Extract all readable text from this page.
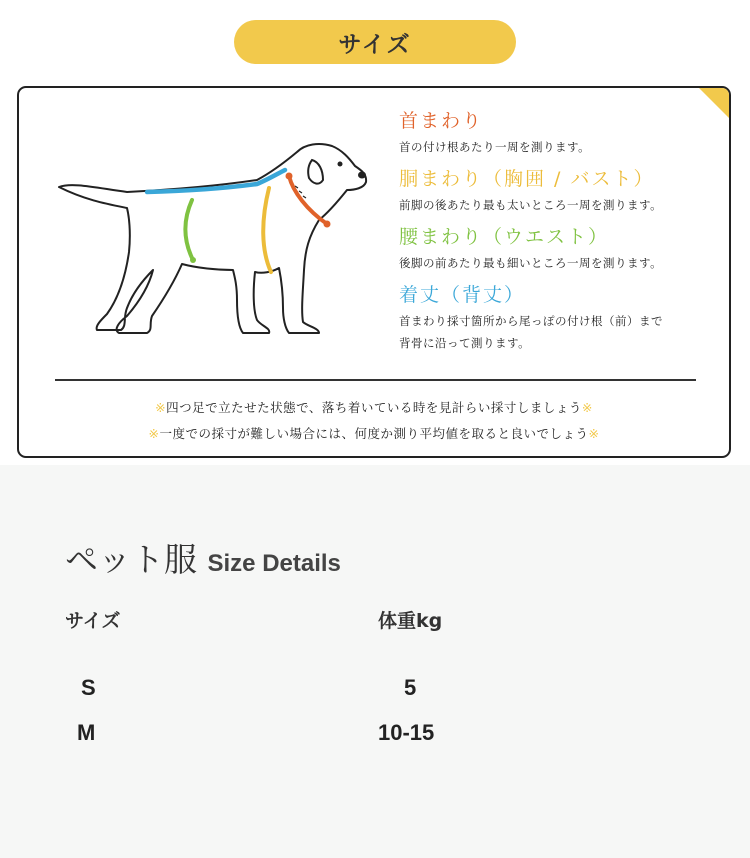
サイズ

首まわり

首の付け根あたり一周を測ります。

胴まわり（胸囲 / バスト）

前脚の後あたり最も太いところ一周を測ります。

腰まわり（ウエスト）

後脚の前あたり最も細いところ一周を測ります。

着丈（背丈）

首まわり採寸箇所から尾っぽの付け根（前）まで

背骨に沿って測ります。

※四つ足で立たせた状態で、落ち着いている時を見計らい採寸しましょう※
※一度での採寸が難しい場合には、何度か測り平均値を取ると良いでしょう※
ペット服 Size Details
サイズ	体重kg
S	5
M	10-15
